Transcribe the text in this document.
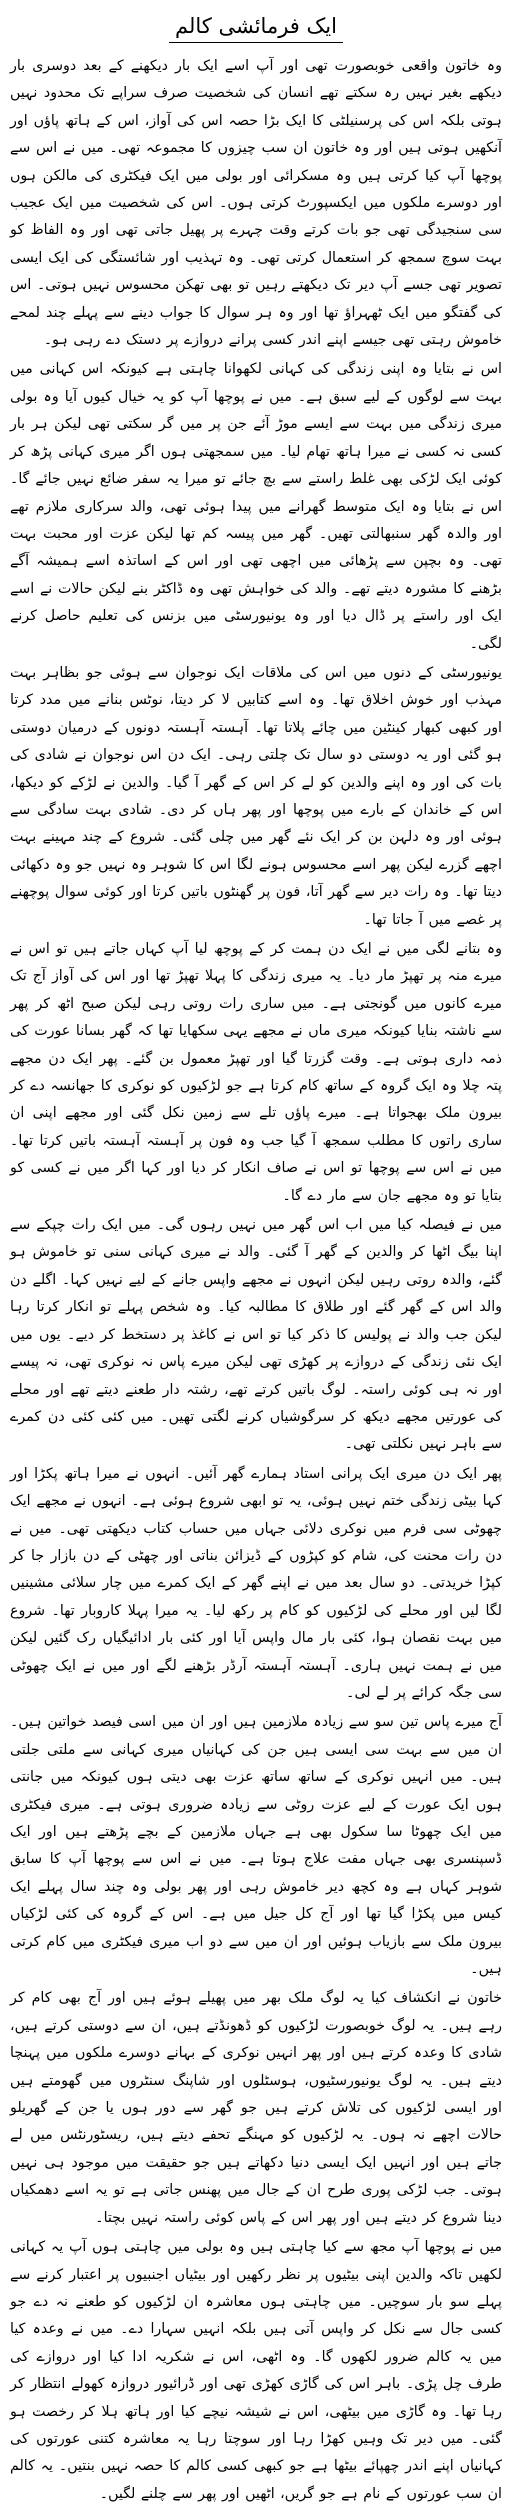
ایک فرمائشی کالم

وہ خاتون واقعی خوبصورت تھی اور آپ اسے ایک بار دیکھنے کے بعد دوسری بار دیکھے بغیر نہیں رہ سکتے تھے انسان کی شخصیت صرف سراپے تک محدود نہیں ہوتی بلکہ اس کی پرسنیلٹی کا ایک بڑا حصہ اس کی آواز، اس کے ہاتھ پاؤں اور آنکھیں ہوتی ہیں اور وہ خاتون ان سب چیزوں کا مجموعہ تھی۔ میں نے اس سے پوچھا آپ کیا کرتی ہیں وہ مسکرائی اور بولی میں ایک فیکٹری کی مالکن ہوں اور دوسرے ملکوں میں ایکسپورٹ کرتی ہوں۔ اس کی شخصیت میں ایک عجیب سی سنجیدگی تھی جو بات کرتے وقت چہرے پر پھیل جاتی تھی اور وہ الفاظ کو بہت سوچ سمجھ کر استعمال کرتی تھی۔ وہ تہذیب اور شائستگی کی ایک ایسی تصویر تھی جسے آپ دیر تک دیکھتے رہیں تو بھی تھکن محسوس نہیں ہوتی۔ اس کی گفتگو میں ایک ٹھہراؤ تھا اور وہ ہر سوال کا جواب دینے سے پہلے چند لمحے خاموش رہتی تھی جیسے اپنے اندر کسی پرانے دروازے پر دستک دے رہی ہو۔

اس نے بتایا وہ اپنی زندگی کی کہانی لکھوانا چاہتی ہے کیونکہ اس کہانی میں بہت سے لوگوں کے لیے سبق ہے۔ میں نے پوچھا آپ کو یہ خیال کیوں آیا وہ بولی میری زندگی میں بہت سے ایسے موڑ آئے جن پر میں گر سکتی تھی لیکن ہر بار کسی نہ کسی نے میرا ہاتھ تھام لیا۔ میں سمجھتی ہوں اگر میری کہانی پڑھ کر کوئی ایک لڑکی بھی غلط راستے سے بچ جائے تو میرا یہ سفر ضائع نہیں جائے گا۔ اس نے بتایا وہ ایک متوسط گھرانے میں پیدا ہوئی تھی، والد سرکاری ملازم تھے اور والدہ گھر سنبھالتی تھیں۔ گھر میں پیسہ کم تھا لیکن عزت اور محبت بہت تھی۔ وہ بچپن سے پڑھائی میں اچھی تھی اور اس کے اساتذہ اسے ہمیشہ آگے بڑھنے کا مشورہ دیتے تھے۔ والد کی خواہش تھی وہ ڈاکٹر بنے لیکن حالات نے اسے ایک اور راستے پر ڈال دیا اور وہ یونیورسٹی میں بزنس کی تعلیم حاصل کرنے لگی۔

یونیورسٹی کے دنوں میں اس کی ملاقات ایک نوجوان سے ہوئی جو بظاہر بہت مہذب اور خوش اخلاق تھا۔ وہ اسے کتابیں لا کر دیتا، نوٹس بنانے میں مدد کرتا اور کبھی کبھار کینٹین میں چائے پلاتا تھا۔ آہستہ آہستہ دونوں کے درمیان دوستی ہو گئی اور یہ دوستی دو سال تک چلتی رہی۔ ایک دن اس نوجوان نے شادی کی بات کی اور وہ اپنے والدین کو لے کر اس کے گھر آ گیا۔ والدین نے لڑکے کو دیکھا، اس کے خاندان کے بارے میں پوچھا اور پھر ہاں کر دی۔ شادی بہت سادگی سے ہوئی اور وہ دلہن بن کر ایک نئے گھر میں چلی گئی۔ شروع کے چند مہینے بہت اچھے گزرے لیکن پھر اسے محسوس ہونے لگا اس کا شوہر وہ نہیں جو وہ دکھائی دیتا تھا۔ وہ رات دیر سے گھر آتا، فون پر گھنٹوں باتیں کرتا اور کوئی سوال پوچھنے پر غصے میں آ جاتا تھا۔

وہ بتانے لگی میں نے ایک دن ہمت کر کے پوچھ لیا آپ کہاں جاتے ہیں تو اس نے میرے منہ پر تھپڑ مار دیا۔ یہ میری زندگی کا پہلا تھپڑ تھا اور اس کی آواز آج تک میرے کانوں میں گونجتی ہے۔ میں ساری رات روتی رہی لیکن صبح اٹھ کر پھر سے ناشتہ بنایا کیونکہ میری ماں نے مجھے یہی سکھایا تھا کہ گھر بسانا عورت کی ذمہ داری ہوتی ہے۔ وقت گزرتا گیا اور تھپڑ معمول بن گئے۔ پھر ایک دن مجھے پتہ چلا وہ ایک گروہ کے ساتھ کام کرتا ہے جو لڑکیوں کو نوکری کا جھانسہ دے کر بیرون ملک بھجواتا ہے۔ میرے پاؤں تلے سے زمین نکل گئی اور مجھے اپنی ان ساری راتوں کا مطلب سمجھ آ گیا جب وہ فون پر آہستہ آہستہ باتیں کرتا تھا۔ میں نے اس سے پوچھا تو اس نے صاف انکار کر دیا اور کہا اگر میں نے کسی کو بتایا تو وہ مجھے جان سے مار دے گا۔

میں نے فیصلہ کیا میں اب اس گھر میں نہیں رہوں گی۔ میں ایک رات چپکے سے اپنا بیگ اٹھا کر والدین کے گھر آ گئی۔ والد نے میری کہانی سنی تو خاموش ہو گئے، والدہ روتی رہیں لیکن انہوں نے مجھے واپس جانے کے لیے نہیں کہا۔ اگلے دن والد اس کے گھر گئے اور طلاق کا مطالبہ کیا۔ وہ شخص پہلے تو انکار کرتا رہا لیکن جب والد نے پولیس کا ذکر کیا تو اس نے کاغذ پر دستخط کر دیے۔ یوں میں ایک نئی زندگی کے دروازے پر کھڑی تھی لیکن میرے پاس نہ نوکری تھی، نہ پیسے اور نہ ہی کوئی راستہ۔ لوگ باتیں کرتے تھے، رشتہ دار طعنے دیتے تھے اور محلے کی عورتیں مجھے دیکھ کر سرگوشیاں کرنے لگتی تھیں۔ میں کئی کئی دن کمرے سے باہر نہیں نکلتی تھی۔

پھر ایک دن میری ایک پرانی استاد ہمارے گھر آئیں۔ انہوں نے میرا ہاتھ پکڑا اور کہا بیٹی زندگی ختم نہیں ہوئی، یہ تو ابھی شروع ہوئی ہے۔ انہوں نے مجھے ایک چھوٹی سی فرم میں نوکری دلائی جہاں میں حساب کتاب دیکھتی تھی۔ میں نے دن رات محنت کی، شام کو کپڑوں کے ڈیزائن بناتی اور چھٹی کے دن بازار جا کر کپڑا خریدتی۔ دو سال بعد میں نے اپنے گھر کے ایک کمرے میں چار سلائی مشینیں لگا لیں اور محلے کی لڑکیوں کو کام پر رکھ لیا۔ یہ میرا پہلا کاروبار تھا۔ شروع میں بہت نقصان ہوا، کئی بار مال واپس آیا اور کئی بار ادائیگیاں رک گئیں لیکن میں نے ہمت نہیں ہاری۔ آہستہ آہستہ آرڈر بڑھنے لگے اور میں نے ایک چھوٹی سی جگہ کرائے پر لے لی۔

آج میرے پاس تین سو سے زیادہ ملازمین ہیں اور ان میں اسی فیصد خواتین ہیں۔ ان میں سے بہت سی ایسی ہیں جن کی کہانیاں میری کہانی سے ملتی جلتی ہیں۔ میں انہیں نوکری کے ساتھ ساتھ عزت بھی دیتی ہوں کیونکہ میں جانتی ہوں ایک عورت کے لیے عزت روٹی سے زیادہ ضروری ہوتی ہے۔ میری فیکٹری میں ایک چھوٹا سا سکول بھی ہے جہاں ملازمین کے بچے پڑھتے ہیں اور ایک ڈسپنسری بھی جہاں مفت علاج ہوتا ہے۔ میں نے اس سے پوچھا آپ کا سابق شوہر کہاں ہے وہ کچھ دیر خاموش رہی اور پھر بولی وہ چند سال پہلے ایک کیس میں پکڑا گیا تھا اور آج کل جیل میں ہے۔ اس کے گروہ کی کئی لڑکیاں بیرون ملک سے بازیاب ہوئیں اور ان میں سے دو اب میری فیکٹری میں کام کرتی ہیں۔

خاتون نے انکشاف کیا یہ لوگ ملک بھر میں پھیلے ہوئے ہیں اور آج بھی کام کر رہے ہیں۔ یہ لوگ خوبصورت لڑکیوں کو ڈھونڈتے ہیں، ان سے دوستی کرتے ہیں، شادی کا وعدہ کرتے ہیں اور پھر انہیں نوکری کے بہانے دوسرے ملکوں میں پہنچا دیتے ہیں۔ یہ لوگ یونیورسٹیوں، ہوسٹلوں اور شاپنگ سنٹروں میں گھومتے ہیں اور ایسی لڑکیوں کی تلاش کرتے ہیں جو گھر سے دور ہوں یا جن کے گھریلو حالات اچھے نہ ہوں۔ یہ لڑکیوں کو مہنگے تحفے دیتے ہیں، ریسٹورنٹس میں لے جاتے ہیں اور انہیں ایک ایسی دنیا دکھاتے ہیں جو حقیقت میں موجود ہی نہیں ہوتی۔ جب لڑکی پوری طرح ان کے جال میں پھنس جاتی ہے تو یہ اسے دھمکیاں دینا شروع کر دیتے ہیں اور پھر اس کے پاس کوئی راستہ نہیں بچتا۔

میں نے پوچھا آپ مجھ سے کیا چاہتی ہیں وہ بولی میں چاہتی ہوں آپ یہ کہانی لکھیں تاکہ والدین اپنی بیٹیوں پر نظر رکھیں اور بیٹیاں اجنبیوں پر اعتبار کرنے سے پہلے سو بار سوچیں۔ میں چاہتی ہوں معاشرہ ان لڑکیوں کو طعنے نہ دے جو کسی جال سے نکل کر واپس آتی ہیں بلکہ انہیں سہارا دے۔ میں نے وعدہ کیا میں یہ کالم ضرور لکھوں گا۔ وہ اٹھی، اس نے شکریہ ادا کیا اور دروازے کی طرف چل پڑی۔ باہر اس کی گاڑی کھڑی تھی اور ڈرائیور دروازہ کھولے انتظار کر رہا تھا۔ وہ گاڑی میں بیٹھی، اس نے شیشہ نیچے کیا اور ہاتھ ہلا کر رخصت ہو گئی۔ میں دیر تک وہیں کھڑا رہا اور سوچتا رہا یہ معاشرہ کتنی عورتوں کی کہانیاں اپنے اندر چھپائے بیٹھا ہے جو کبھی کسی کالم کا حصہ نہیں بنتیں۔ یہ کالم ان سب عورتوں کے نام ہے جو گریں، اٹھیں اور پھر سے چلنے لگیں۔
